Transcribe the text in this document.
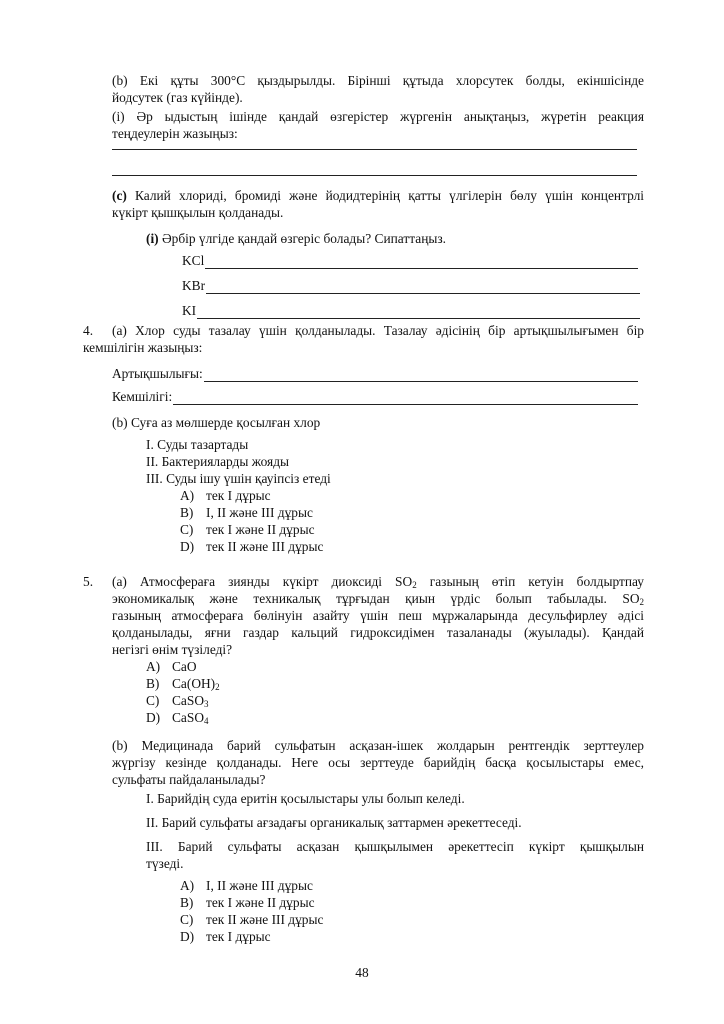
(b) Екі құты 300°С қыздырылды. Бірінші құтыда хлорсутек болды, екіншісінде
йодсутек (газ күйінде).
(і) Әр ыдыстың ішінде қандай өзгерістер жүргенін анықтаңыз, жүретін реакция
теңдеулерін жазыңыз:
(c) Калий хлориді, бромиді және йодидтерінің қатты үлгілерін бөлу үшін концентрлі
күкірт қышқылын қолданады.
(і) Әрбір үлгіде қандай өзгеріс болады? Сипаттаңыз.
KCl
KBr
KI
4.	(a) Хлор суды тазалау үшін қолданылады. Тазалау әдісінің бір артықшылығымен бір
кемшілігін жазыңыз:
Артықшылығы:
Кемшілігі:
(b) Суға аз мөлшерде қосылған хлор
I. Суды тазартады
II. Бактерияларды жояды
III. Суды ішу үшін қауіпсіз етеді
A) тек I дұрыс
B) I, II және III дұрыс
C) тек I және II дұрыс
D) тек II және III дұрыс
5. (a) Атмосфераға зиянды күкірт диоксиді $SO_2$ газының өтіп кетуін болдыртпау
экономикалық және техникалық тұрғыдан қиын үрдіс болып табылады. $SO_2$
газының атмосфераға бөлінуін азайту үшін пеш мұржаларында десульфирлеу әдісі
қолданылады, яғни газдар кальций гидроксидімен тазаланады (жуылады). Қандай
негізгі өнім түзіледі?
A) CaO
B) $Ca(OH)_2$
C) CaSO$_3$
D) CaSO$_4$
(b) Медицинада барий сульфатын асқазан-ішек жолдарын рентгендік зерттеулер
жүргізу кезінде қолданады. Неге осы зерттеуде барийдің басқа қосылыстары емес,
сульфаты пайдаланылады?
I. Барийдің суда еритін қосылыстары улы болып келеді.
II. Барий сульфаты ағзадағы органикалық заттармен әрекеттеседі.
III. Барий сульфаты асқазан қышқылымен әрекеттесіп күкірт қышқылын
түзеді.
A) I, II және III дұрыс
B) тек I және II дұрыс
C) тек II және III дұрыс
D) тек I дұрыс
48
